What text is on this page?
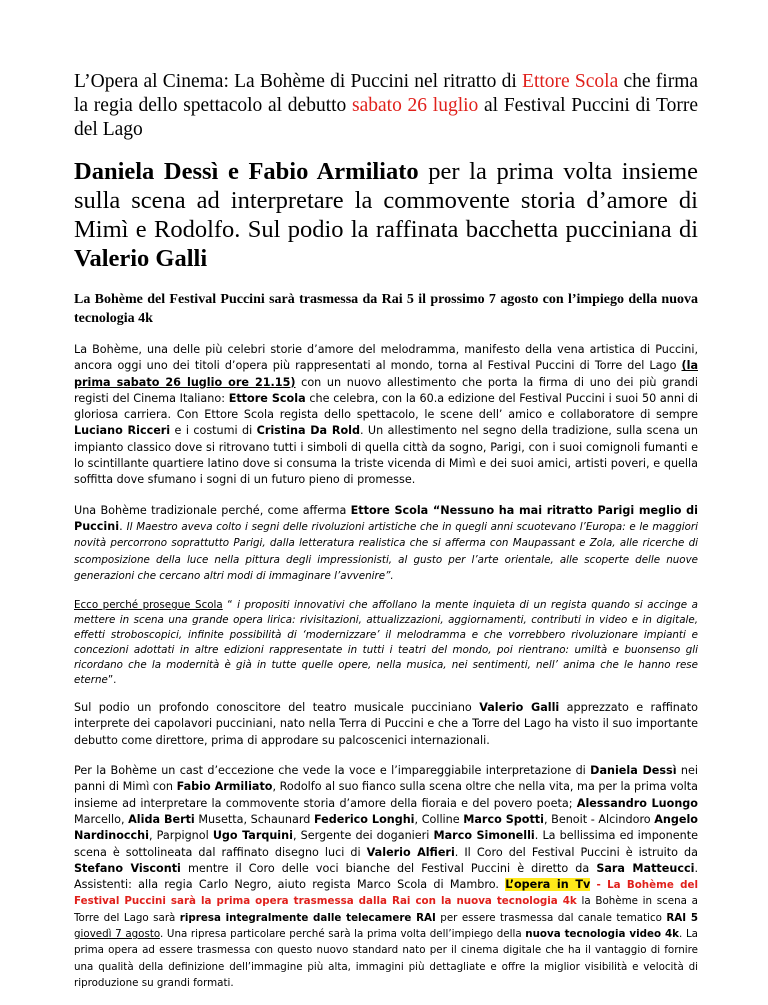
L’Opera al Cinema: La Bohème di Puccini nel ritratto di Ettore Scola che firma la regia dello spettacolo al debutto sabato 26 luglio al Festival Puccini di Torre del Lago

Daniela Dessì e Fabio Armiliato per la prima volta insieme sulla scena ad interpretare la commovente storia d’amore di Mimì e Rodolfo. Sul podio la raffinata bacchetta pucciniana di Valerio Galli

La Bohème del Festival Puccini sarà trasmessa da Rai 5 il prossimo 7 agosto con l’impiego della nuova tecnologia 4k

La Bohème, una delle più celebri storie d’amore del melodramma, manifesto della vena artistica di Puccini, ancora oggi uno dei titoli d’opera più rappresentati al mondo, torna al Festival Puccini di Torre del Lago (la prima sabato 26 luglio ore 21.15) con un nuovo allestimento che porta la firma di uno dei più grandi registi del Cinema Italiano: Ettore Scola che celebra, con la 60.a edizione del Festival Puccini i suoi 50 anni di gloriosa carriera. Con Ettore Scola regista dello spettacolo, le scene dell’ amico e collaboratore di sempre Luciano Ricceri e i costumi di Cristina Da Rold. Un allestimento nel segno della tradizione, sulla scena un impianto classico dove si ritrovano tutti i simboli di quella città da sogno, Parigi, con i suoi comignoli fumanti e lo scintillante quartiere latino dove si consuma la triste vicenda di Mimì e dei suoi amici, artisti poveri, e quella soffitta dove sfumano i sogni di un futuro pieno di promesse.

Una Bohème tradizionale perché, come afferma Ettore Scola “Nessuno ha mai ritratto Parigi meglio di Puccini. Il Maestro aveva colto i segni delle rivoluzioni artistiche che in quegli anni scuotevano l’Europa: e le maggiori novità percorrono soprattutto Parigi, dalla letteratura realistica che si afferma con Maupassant e Zola, alle ricerche di scomposizione della luce nella pittura degli impressionisti, al gusto per l’arte orientale, alle scoperte delle nuove generazioni che cercano altri modi di immaginare l’avvenire”.

Ecco perché prosegue Scola “ i propositi innovativi che affollano la mente inquieta di un regista quando si accinge a mettere in scena una grande opera lirica: rivisitazioni, attualizzazioni, aggiornamenti, contributi in video e in digitale, effetti stroboscopici, infinite possibilità di ‘modernizzare’ il melodramma e che vorrebbero rivoluzionare impianti e concezioni adottati in altre edizioni rappresentate in tutti i teatri del mondo, poi rientrano: umiltà e buonsenso gli ricordano che la modernità è già in tutte quelle opere, nella musica, nei sentimenti, nell’ anima che le hanno rese eterne”.

Sul podio un profondo conoscitore del teatro musicale pucciniano Valerio Galli apprezzato e raffinato interprete dei capolavori pucciniani, nato nella Terra di Puccini e che a Torre del Lago ha visto il suo importante debutto come direttore, prima di approdare su palcoscenici internazionali.

Per la Bohème un cast d’eccezione che vede la voce e l’impareggiabile interpretazione di Daniela Dessì nei panni di Mimì con Fabio Armiliato, Rodolfo al suo fianco sulla scena oltre che nella vita, ma per la prima volta insieme ad interpretare la commovente storia d’amore della fioraia e del povero poeta; Alessandro Luongo Marcello, Alida Berti Musetta, Schaunard Federico Longhi, Colline Marco Spotti, Benoit - Alcindoro Angelo Nardinocchi, Parpignol Ugo Tarquini, Sergente dei doganieri Marco Simonelli. La bellissima ed imponente scena è sottolineata dal raffinato disegno luci di Valerio Alfieri. Il Coro del Festival Puccini è istruito da Stefano Visconti mentre il Coro delle voci bianche del Festival Puccini è diretto da Sara Matteucci. Assistenti: alla regia Carlo Negro, aiuto regista Marco Scola di Mambro. L’opera in Tv - La Bohème del Festival Puccini sarà la prima opera trasmessa dalla Rai con la nuova tecnologia 4k la Bohème in scena a Torre del Lago sarà ripresa integralmente dalle telecamere RAI per essere trasmessa dal canale tematico RAI 5 giovedì 7 agosto. Una ripresa particolare perché sarà la prima volta dell’impiego della nuova tecnologia video 4k. La prima opera ad essere trasmessa con questo nuovo standard nato per il cinema digitale che ha il vantaggio di fornire una qualità della definizione dell’immagine più alta, immagini più dettagliate e offre la miglior visibilità e velocità di riproduzione su grandi formati.
